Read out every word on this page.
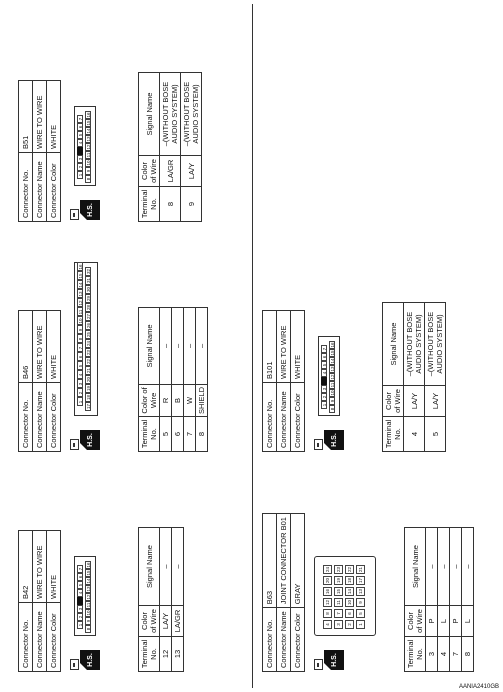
Connector No.	B42
Connector Name	WIRE TO WIRE
Connector Color	WHITE
H.S.
1
2
3
4
5
6
7
8
9
10
11
12
13
14
15
16
Terminal No.	Color of Wire	Signal Name
12	LA/Y	–
13	LA/GR	–
Connector No.	B46
Connector Name	WIRE TO WIRE
Connector Color	WHITE
H.S.
1
2
3
4
5
6
7
8
9
10
11
12
13
14
15
16
17
18
19
20
21
22
23
24
25
26
27
28
29
30
31
32
Terminal No.	Color of Wire	Signal Name
5	R	–
6	B	–
7	W	–
8	SHIELD	–
Connector No.	B51
Connector Name	WIRE TO WIRE
Connector Color	WHITE
H.S.
1
2
3
4
5
6
7
8
9
10
11
12
13
14
15
16
Terminal No.	Color of Wire	Signal Name
8	LA/GR	–(WITHOUT BOSE
AUDIO SYSTEM)
9	LA/Y	–(WITHOUT BOSE
AUDIO SYSTEM)
Connector No.	B63
Connector Name	JOINT CONNECTOR B01
Connector Color	GRAY
H.S.
4	3	2	1
8	7	6	5
12	11	10	9
16	15	14	13
20	19	18	17
24	23	22	21
Terminal No.	Color of Wire	Signal Name
3	P	–
4	L	–
7	P	–
8	L	–
Connector No.	B101
Connector Name	WIRE TO WIRE
Connector Color	WHITE
H.S.
1
2
3
4
5
6
7
8
9
10
11
12
13
14
15
16
Terminal No.	Color of Wire	Signal Name
4	LA/Y	–(WITHOUT BOSE
AUDIO SYSTEM)
5	LA/Y	–(WITHOUT BOSE
AUDIO SYSTEM)
AANIA2410GB
